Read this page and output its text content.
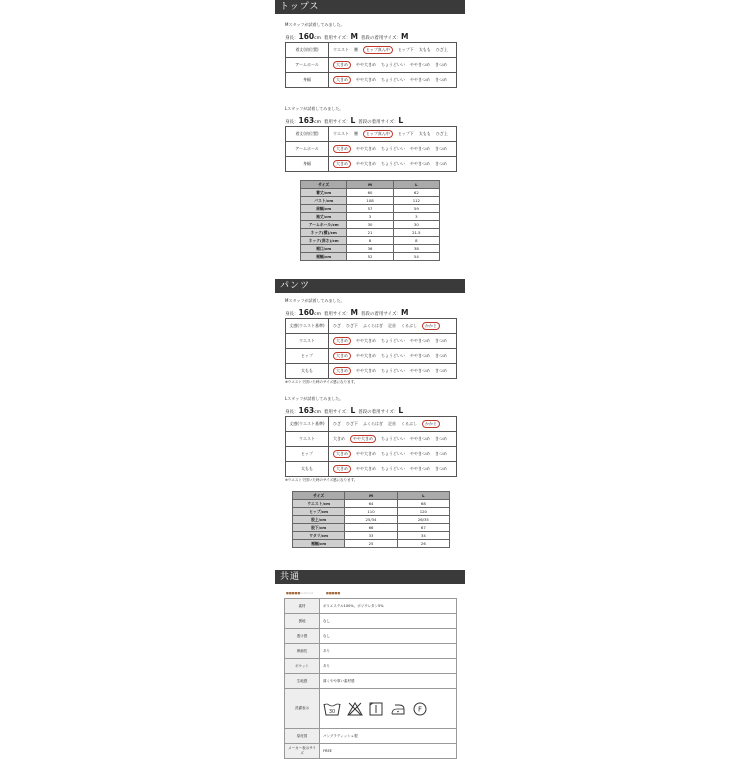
トップス
Mスタッフが試着してみました。
身長：160cm 着用サイズ：M 普段の着用サイズ：M
着丈(肩位置)	ウエスト 腰 ヒップ真ん中 ヒップ下 太もも ひざ上
アームホール	大きめ やや大きめ ちょうどいい ややきつめ きつめ
身幅	大きめ やや大きめ ちょうどいい ややきつめ きつめ
Lスタッフが試着してみました。
身長：163cm 着用サイズ：L 普段の着用サイズ：L
着丈(肩位置)	ウエスト 腰 ヒップ真ん中 ヒップ下 太もも ひざ上
アームホール	大きめ やや大きめ ちょうどいい ややきつめ きつめ
身幅	大きめ やや大きめ ちょうどいい ややきつめ きつめ
サイズ	M	L
着丈/cm	60	62
バスト/cm	108	112
肩幅/cm	57	59
袖丈/cm	3	3
アームホール/cm	30	30
ネック(横)/cm	21	21.5
ネック(深さ)/cm	8	8
裾口/cm	36	38
裾幅/cm	52	54
パンツ
Mスタッフが試着してみました。
身長：160cm 着用サイズ：M 普段の着用サイズ：M
丈感(ウエスト基準)	ひざ ひざ下 ふくらはぎ 足首 くるぶし かかと
ウエスト	大きめ やや大きめ ちょうどいい ややきつめ きつめ
ヒップ	大きめ やや大きめ ちょうどいい ややきつめ きつめ
太もも	大きめ やや大きめ ちょうどいい ややきつめ きつめ
※ウエストで図いた時のサイズ感になります。
Lスタッフが試着してみました。
身長：163cm 着用サイズ：L 普段の着用サイズ：L
丈感(ウエスト基準)	ひざ ひざ下 ふくらはぎ 足首 くるぶし かかと
ウエスト	大きめ やや大きめ ちょうどいい ややきつめ きつめ
ヒップ	大きめ やや大きめ ちょうどいい ややきつめ きつめ
太もも	大きめ やや大きめ ちょうどいい ややきつめ きつめ
※ウエストで図いた時のサイズ感になります。
サイズ	M	L
ウエスト/cm	64	68
ヒップ/cm	110	120
股上/cm	25/34	26/35
股下/cm	66	67
ワタリ/cm	33	34
裾幅/cm	25	26
共通
■■■■■ Sold Out	■■■■■
素材	ポリエステル100%、ポリウレタン5%
裏地	なし
透け感	なし
伸縮性	あり
ポケット	あり
生地感	薄くやや厚い素材感
洗濯表示	30 F

原産国	バングラディッシュ製
メーカー表示サイズ	FREE
